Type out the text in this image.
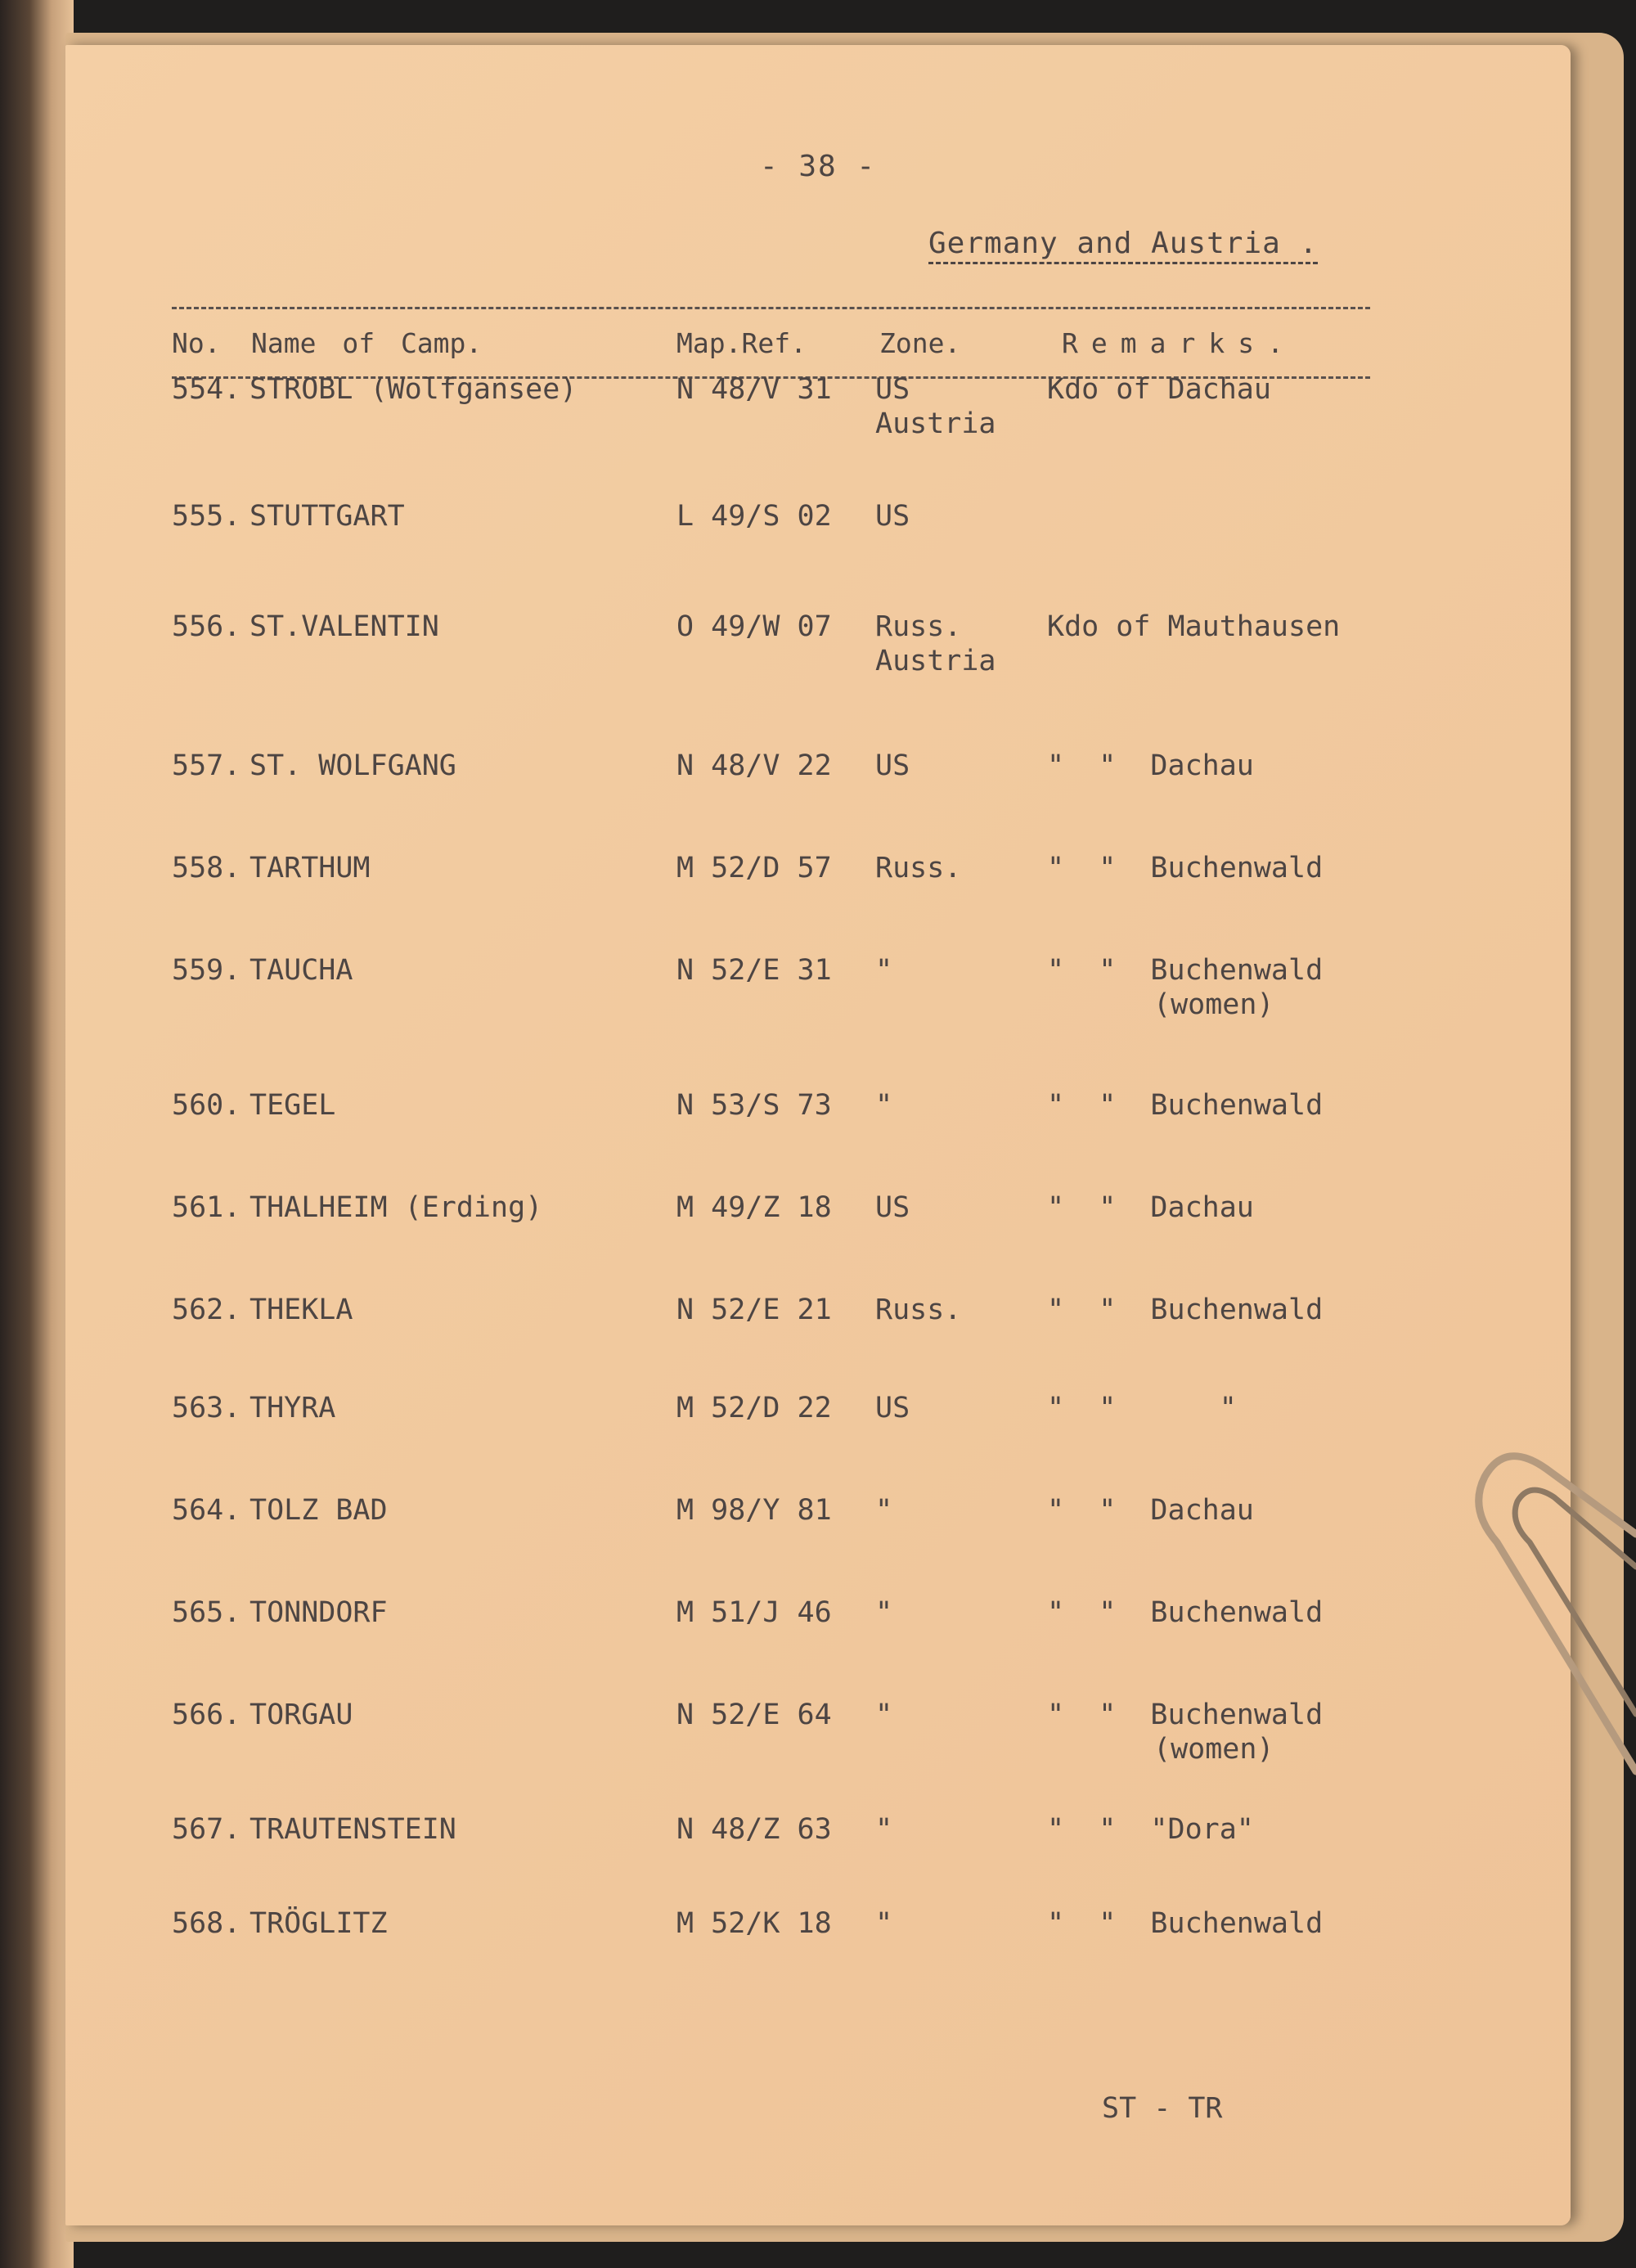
- 38 -
Germany and Austria .
No. Name of Camp.	Map.Ref.	Zone.	Remarks.
554. STROBL (Wolfgansee)	N 48/V 31 US	Kdo of Dachau
Austria
555. STUTTGART	L 49/S 02 US
556. ST.VALENTIN	O 49/W 07 Russ.	Kdo of Mauthausen
Austria
557. ST. WOLFGANG	N 48/V 22 US	"  "  Dachau
558. TARTHUM	M 52/D 57 Russ.	"  "  Buchenwald
559. TAUCHA	N 52/E 31 "	"  "  Buchenwald
(women)
560. TEGEL	N 53/S 73 "	"  "  Buchenwald
561. THALHEIM (Erding)	M 49/Z 18 US	"  "  Dachau
562. THEKLA	N 52/E 21 Russ.	"  "  Buchenwald
563. THYRA	M 52/D 22 US	"  "      "
564. TOLZ BAD	M 98/Y 81 "	"  "  Dachau
565. TONNDORF	M 51/J 46 "	"  "  Buchenwald
566. TORGAU	N 52/E 64 "	"  "  Buchenwald
(women)
567. TRAUTENSTEIN	N 48/Z 63 "	"  "  "Dora"
568. TRÖGLITZ	M 52/K 18 "	"  "  Buchenwald
ST - TR
